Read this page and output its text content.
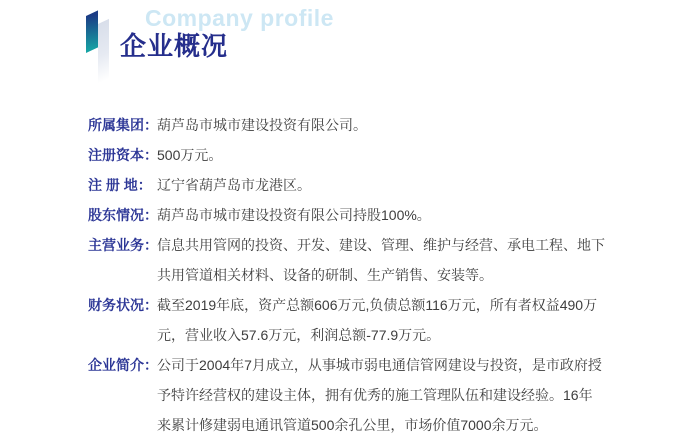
Company profile
企业概况
所属集团： 葫芦岛市城市建设投资有限公司。
注册资本： 500万元。
注 册 地： 辽宁省葫芦岛市龙港区。
股东情况： 葫芦岛市城市建设投资有限公司持股100%。
主营业务： 信息共用管网的投资、开发、建设、管理、维护与经营、承电工程、地下
共用管道相关材料、设备的研制、生产销售、安装等。
财务状况： 截至2019年底，资产总额606万元,负债总额116万元，所有者权益490万
元，营业收入57.6万元，利润总额-77.9万元。
企业简介： 公司于2004年7月成立，从事城市弱电通信管网建设与投资，是市政府授
予特许经营权的建设主体，拥有优秀的施工管理队伍和建设经验。16年
来累计修建弱电通讯管道500余孔公里，市场价值7000余万元。
